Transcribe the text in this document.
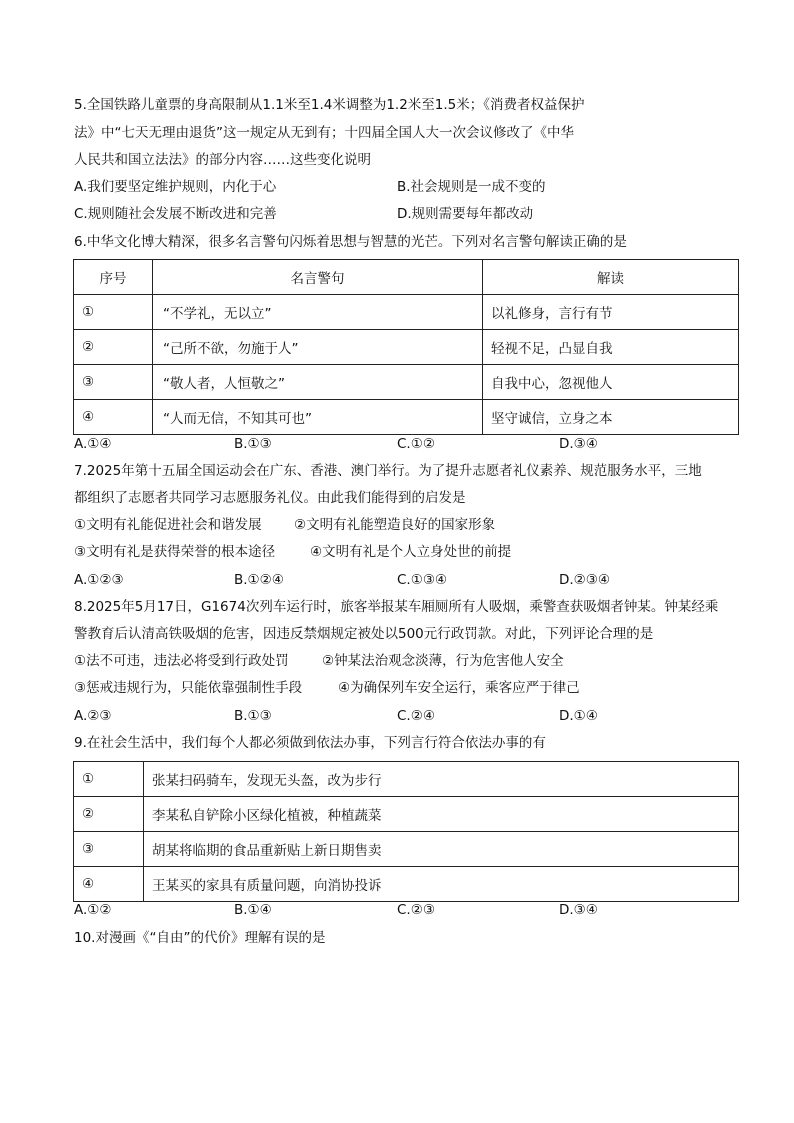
5.全国铁路儿童票的身高限制从1.1米至1.4米调整为1.2米至1.5米；《消费者权益保护
法》中“七天无理由退货”这一规定从无到有；十四届全国人大一次会议修改了《中华
人民共和国立法法》的部分内容……这些变化说明
A.我们要坚定维护规则，内化于心	B.社会规则是一成不变的
C.规则随社会发展不断改进和完善	D.规则需要每年都改动
6.中华文化博大精深，很多名言警句闪烁着思想与智慧的光芒。下列对名言警句解读正确的是
序号	名言警句	解读
①	“不学礼，无以立”	以礼修身，言行有节
②	“己所不欲，勿施于人”	轻视不足，凸显自我
③	“敬人者，人恒敬之”	自我中心，忽视他人
④	“人而无信，不知其可也”	坚守诚信，立身之本
A.①④	B.①③	C.①②	D.③④
7.2025年第十五届全国运动会在广东、香港、澳门举行。为了提升志愿者礼仪素养、规范服务水平，三地
都组织了志愿者共同学习志愿服务礼仪。由此我们能得到的启发是
①文明有礼能促进社会和谐发展 ②文明有礼能塑造良好的国家形象
③文明有礼是获得荣誉的根本途径	④文明有礼是个人立身处世的前提
A.①②③	B.①②④	C.①③④	D.②③④
8.2025年5月17日，G1674次列车运行时，旅客举报某车厢厕所有人吸烟，乘警查获吸烟者钟某。钟某经乘
警教育后认清高铁吸烟的危害，因违反禁烟规定被处以500元行政罚款。对此，下列评论合理的是
①法不可违，违法必将受到行政处罚 ②钟某法治观念淡薄，行为危害他人安全
③惩戒违规行为，只能依靠强制性手段	④为确保列车安全运行，乘客应严于律己
A.②③	B.①③	C.②④	D.①④
9.在社会生活中，我们每个人都必须做到依法办事，下列言行符合依法办事的有
①	张某扫码骑车，发现无头盔，改为步行
②	李某私自铲除小区绿化植被，种植蔬菜
③	胡某将临期的食品重新贴上新日期售卖
④	王某买的家具有质量问题，向消协投诉
A.①②	B.①④	C.②③	D.③④
10.对漫画《“自由”的代价》理解有误的是
